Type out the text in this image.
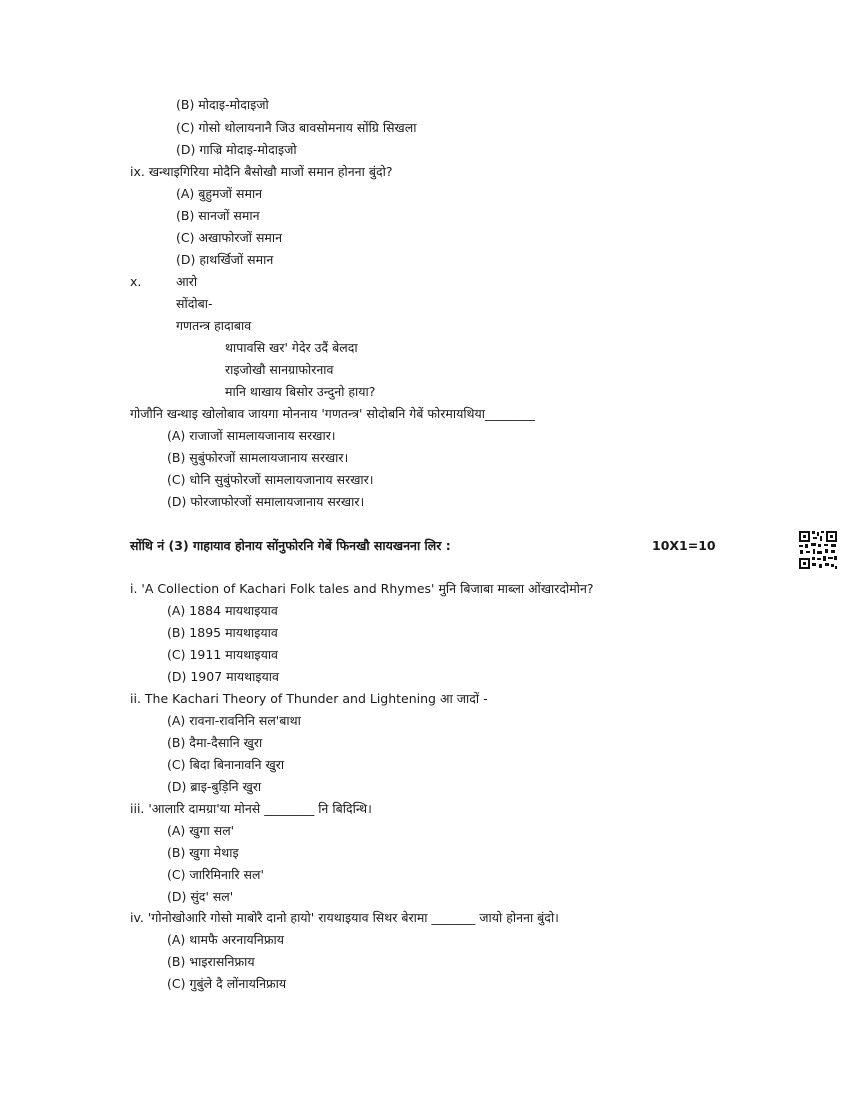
(B) मोदाइ-मोदाइजो
(C) गोसो थोलायनानै जिउ बावसोमनाय सोंग्रि सिखला
(D) गाज्रि मोदाइ-मोदाइजो
ix. खन्थाइगिरिया मोदैनि बैसोखौ माजों समान होनना बुंदो?
(A) बुहुमजों समान
(B) सानजों समान
(C) अखाफोरजों समान
(D) हाथर्खिजों समान
x.	आरो
सोंदोबा-
गणतन्त्र हादाबाव
थापावसि खर' गेदेर उदैं बेलदा
राइजोखौ सानग्राफोरनाव
मानि थाखाय बिसोर उन्दुनो हाया?
गोजौनि खन्थाइ खोलोबाव जायगा मोननाय 'गणतन्त्र' सोदोबनि गेबें फोरमायथिया________
(A) राजाजों सामलायजानाय सरखार।
(B) सुबुंफोरजों सामलायजानाय सरखार।
(C) धोनि सुबुंफोरजों सामलायजानाय सरखार।
(D) फोरजाफोरजों समालायजानाय सरखार।
सोंथि नं (3) गाहायाव होनाय सोंनुफोरनि गेबें फिनखौ सायखनना लिर :	10X1=10
i. 'A Collection of Kachari Folk tales and Rhymes' मुनि बिजाबा माब्ला ओंखारदोमोन?
(A) 1884 मायथाइयाव
(B) 1895 मायथाइयाव
(C) 1911 मायथाइयाव
(D) 1907 मायथाइयाव
ii. The Kachari Theory of Thunder and Lightening आ जादों -
(A) रावना-रावनिनि सल'बाथा
(B) दैमा-दैसानि खुरा
(C) बिदा बिनानावनि खुरा
(D) ब्राइ-बुड़िनि खुरा
iii. 'आलारि दामग्रा'या मोनसे ________ नि बिदिन्थि।
(A) खुगा सल'
(B) खुगा मेथाइ
(C) जारिमिनारि सल'
(D) सुंद' सल'
iv. 'गोनोखोआरि गोसो माबोरै दानो हायो' रायथाइयाव सिथर बेरामा _______ जायो होनना बुंदो।
(A) थामफै अरनायनिफ्राय
(B) भाइरासनिफ्राय
(C) गुबुंले दै लोंनायनिफ्राय
